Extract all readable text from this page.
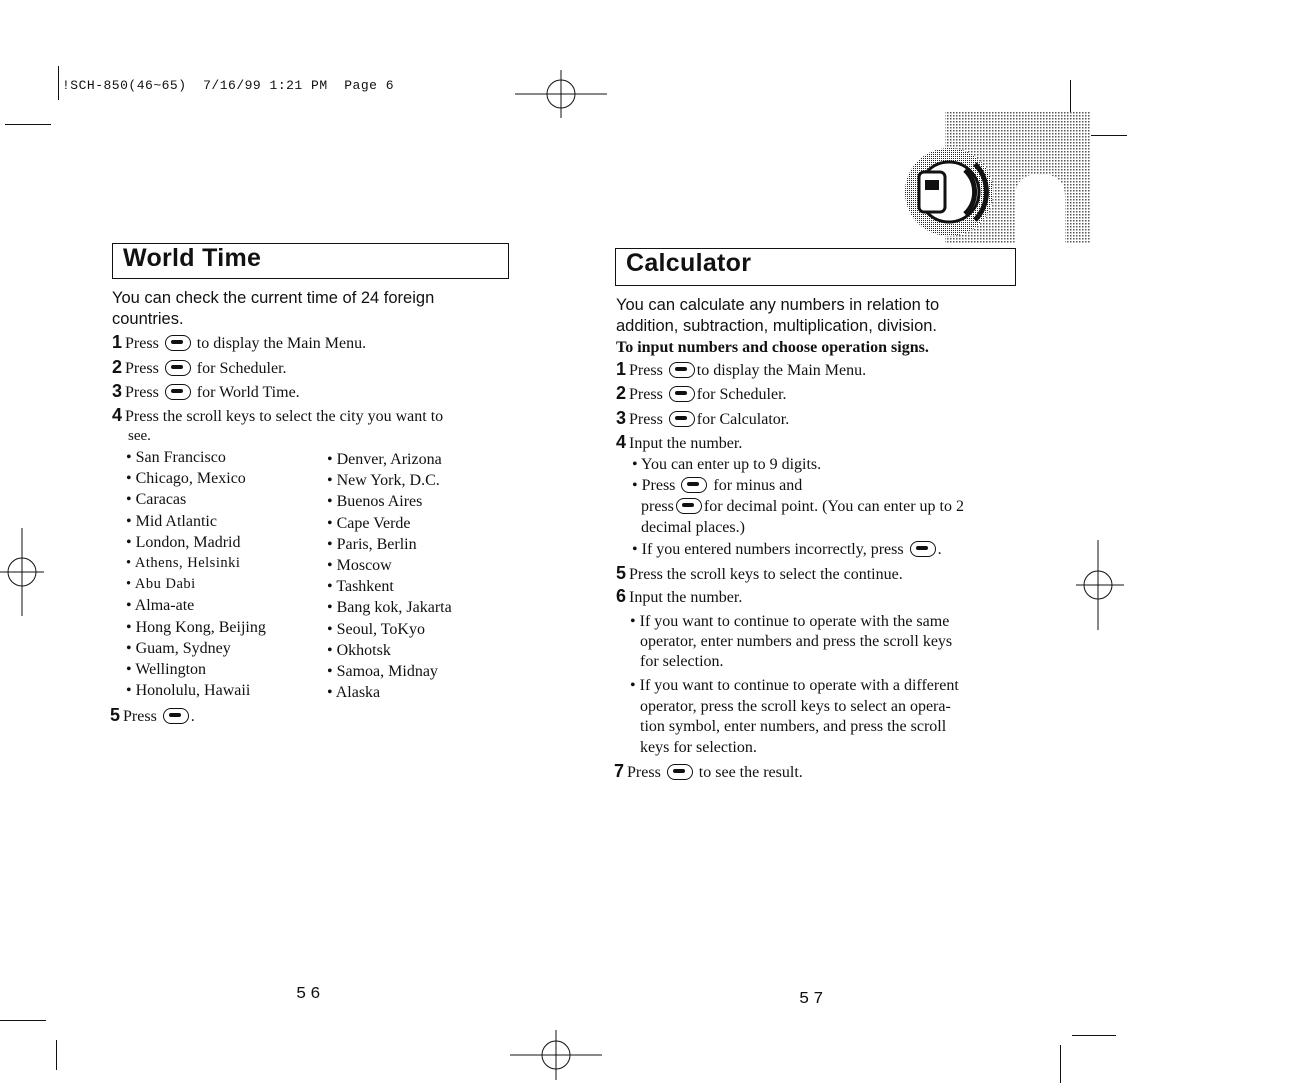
!SCH-850(46~65)  7/16/99 1:21 PM  Page 6
World Time
You can check the current time of 24 foreign countries.
1 Press to display the Main Menu.
2 Press for Scheduler.
3 Press for World Time.
4 Press the scroll keys to select the city you want to
see.
• San Francisco
• Chicago, Mexico
• Caracas
• Mid Atlantic
• London, Madrid
• Athens, Helsinki
• Abu Dabi
• Alma-ate
• Hong Kong, Beijing
• Guam, Sydney
• Wellington
• Honolulu, Hawaii
• Denver, Arizona
• New York, D.C.
• Buenos Aires
• Cape Verde
• Paris, Berlin
• Moscow
• Tashkent
• Bang kok, Jakarta
• Seoul, ToKyo
• Okhotsk
• Samoa, Midnay
• Alaska
5 Press .
Calculator
You can calculate any numbers in relation to addition, subtraction, multiplication, division.
To input numbers and choose operation signs.
1 Press to display the Main Menu.
2 Press for Scheduler.
3 Press for Calculator.
4 Input the number.
• You can enter up to 9 digits.
• Press for minus and
press for decimal point. (You can enter up to 2
decimal places.)
• If you entered numbers incorrectly, press .
5 Press the scroll keys to select the continue.
6 Input the number.
• If you want to continue to operate with the same
operator, enter numbers and press the scroll keys
for selection.
• If you want to continue to operate with a different
operator, press the scroll keys to select an opera-
tion symbol, enter numbers, and press the scroll
keys for selection.
7 Press to see the result.
56	57
